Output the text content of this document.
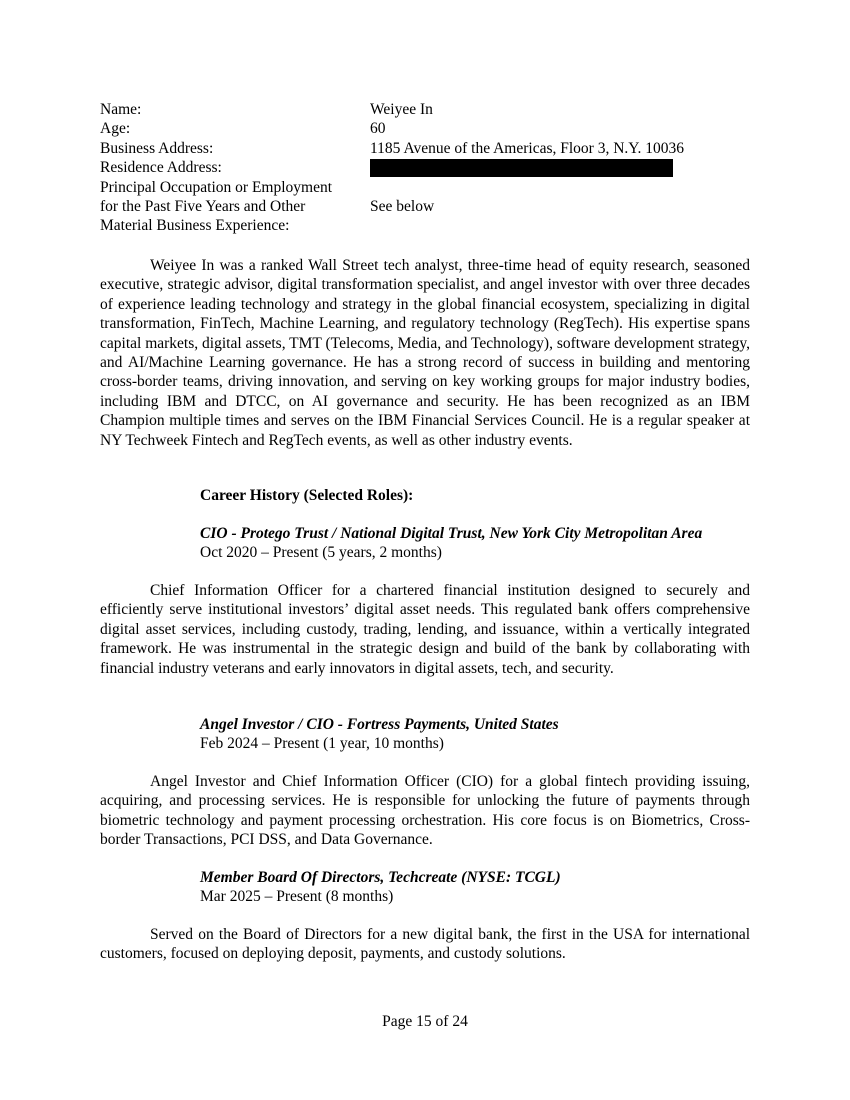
Name:	Weiyee In
Age:	60
Business Address:	1185 Avenue of the Americas, Floor 3, N.Y. 10036
Residence Address:
Principal Occupation or Employment
for the Past Five Years and Other	See below
Material Business Experience:

Weiyee In was a ranked Wall Street tech analyst, three-time head of equity research, seasoned executive, strategic advisor, digital transformation specialist, and angel investor with over three decades of experience leading technology and strategy in the global financial ecosystem, specializing in digital transformation, FinTech, Machine Learning, and regulatory technology (RegTech). His expertise spans capital markets, digital assets, TMT (Telecoms, Media, and Technology), software development strategy, and AI/Machine Learning governance. He has a strong record of success in building and mentoring cross-border teams, driving innovation, and serving on key working groups for major industry bodies, including IBM and DTCC, on AI governance and security. He has been recognized as an IBM Champion multiple times and serves on the IBM Financial Services Council. He is a regular speaker at NY Techweek Fintech and RegTech events, as well as other industry events.

Career History (Selected Roles):

CIO - Protego Trust / National Digital Trust, New York City Metropolitan Area
Oct 2020 – Present (5 years, 2 months)

Chief Information Officer for a chartered financial institution designed to securely and efficiently serve institutional investors’ digital asset needs. This regulated bank offers comprehensive digital asset services, including custody, trading, lending, and issuance, within a vertically integrated framework. He was instrumental in the strategic design and build of the bank by collaborating with financial industry veterans and early innovators in digital assets, tech, and security.

Angel Investor / CIO - Fortress Payments, United States
Feb 2024 – Present (1 year, 10 months)

Angel Investor and Chief Information Officer (CIO) for a global fintech providing issuing, acquiring, and processing services. He is responsible for unlocking the future of payments through biometric technology and payment processing orchestration. His core focus is on Biometrics, Cross-border Transactions, PCI DSS, and Data Governance.

Member Board Of Directors, Techcreate (NYSE: TCGL)
Mar 2025 – Present (8 months)

Served on the Board of Directors for a new digital bank, the first in the USA for international customers, focused on deploying deposit, payments, and custody solutions.

Page 15 of 24
